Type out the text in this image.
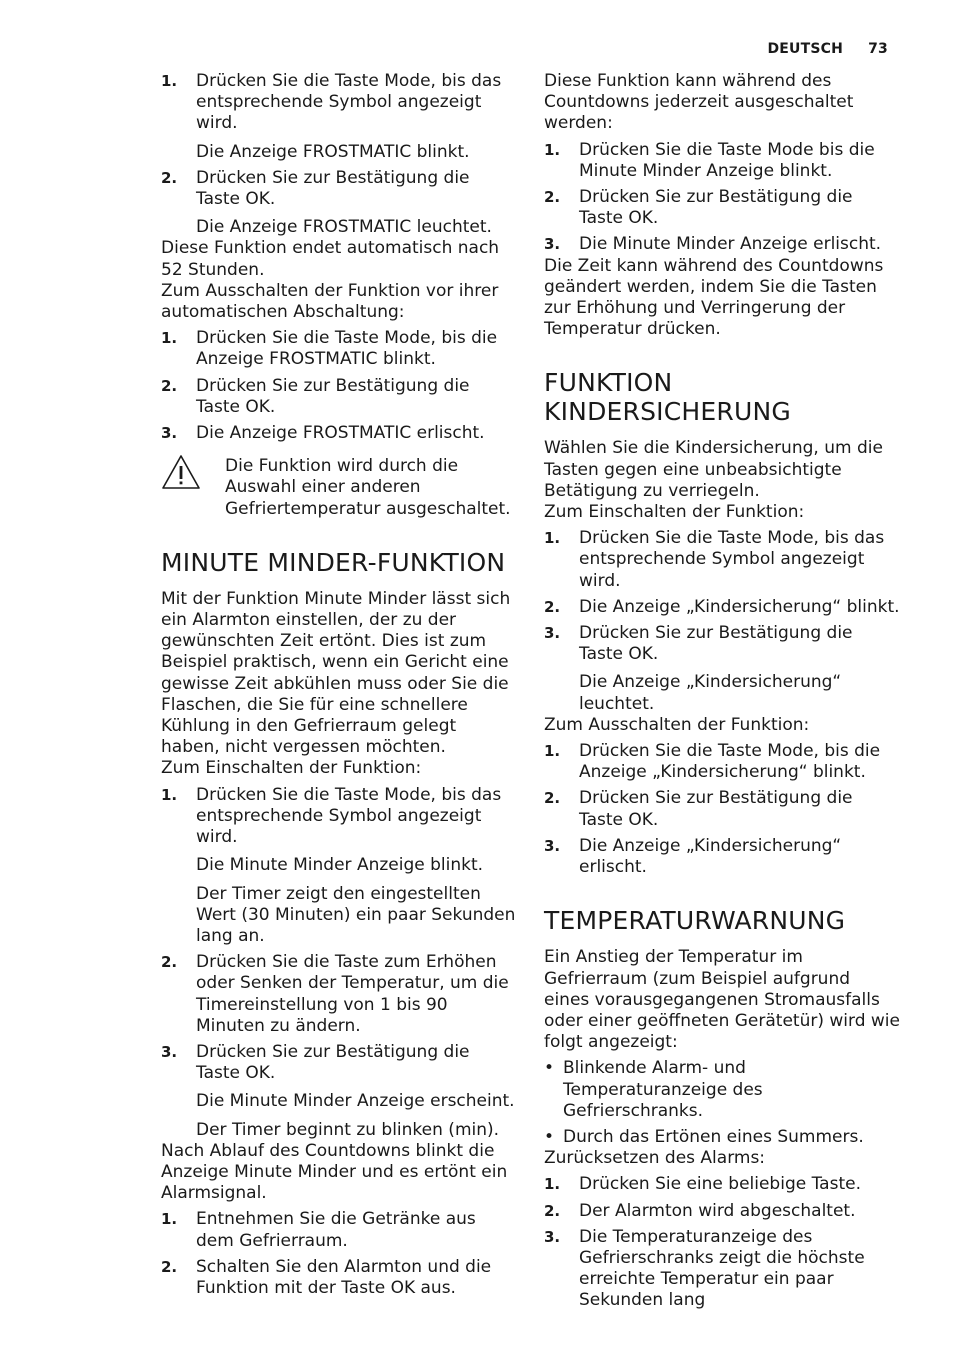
DEUTSCH 73
1. Drücken Sie die Taste Mode, bis das entsprechende Symbol angezeigt wird.
Die Anzeige FROSTMATIC blinkt.
2. Drücken Sie zur Bestätigung die Taste OK.
Die Anzeige FROSTMATIC leuchtet.

Diese Funktion endet automatisch nach 52 Stunden.

Zum Ausschalten der Funktion vor ihrer automatischen Abschaltung:

1. Drücken Sie die Taste Mode, bis die Anzeige FROSTMATIC blinkt.
2. Drücken Sie zur Bestätigung die Taste OK.
3. Die Anzeige FROSTMATIC erlischt.
Die Funktion wird durch die Auswahl einer anderen Gefriertemperatur ausgeschaltet.
MINUTE MINDER-FUNKTION

Mit der Funktion Minute Minder lässt sich ein Alarmton einstellen, der zu der gewünschten Zeit ertönt. Dies ist zum Beispiel praktisch, wenn ein Gericht eine gewisse Zeit abkühlen muss oder Sie die Flaschen, die Sie für eine schnellere Kühlung in den Gefrierraum gelegt haben, nicht vergessen möchten.

Zum Einschalten der Funktion:

1. Drücken Sie die Taste Mode, bis das entsprechende Symbol angezeigt wird.
Die Minute Minder Anzeige blinkt.
Der Timer zeigt den eingestellten Wert (30 Minuten) ein paar Sekunden lang an.
2. Drücken Sie die Taste zum Erhöhen oder Senken der Temperatur, um die Timereinstellung von 1 bis 90 Minuten zu ändern.
3. Drücken Sie zur Bestätigung die Taste OK.
Die Minute Minder Anzeige erscheint.
Der Timer beginnt zu blinken (min).

Nach Ablauf des Countdowns blinkt die Anzeige Minute Minder und es ertönt ein Alarmsignal.

1. Entnehmen Sie die Getränke aus dem Gefrierraum.
2. Schalten Sie den Alarmton und die Funktion mit der Taste OK aus.

Diese Funktion kann während des Countdowns jederzeit ausgeschaltet werden:

1. Drücken Sie die Taste Mode bis die Minute Minder Anzeige blinkt.
2. Drücken Sie zur Bestätigung die Taste OK.
3. Die Minute Minder Anzeige erlischt.

Die Zeit kann während des Countdowns geändert werden, indem Sie die Tasten zur Erhöhung und Verringerung der Temperatur drücken.

FUNKTION KINDERSICHERUNG

Wählen Sie die Kindersicherung, um die Tasten gegen eine unbeabsichtigte Betätigung zu verriegeln.

Zum Einschalten der Funktion:

1. Drücken Sie die Taste Mode, bis das entsprechende Symbol angezeigt wird.
2. Die Anzeige „Kindersicherung“ blinkt.
3. Drücken Sie zur Bestätigung die Taste OK.
Die Anzeige „Kindersicherung“ leuchtet.

Zum Ausschalten der Funktion:

1. Drücken Sie die Taste Mode, bis die Anzeige „Kindersicherung“ blinkt.
2. Drücken Sie zur Bestätigung die Taste OK.
3. Die Anzeige „Kindersicherung“ erlischt.
TEMPERATURWARNUNG

Ein Anstieg der Temperatur im Gefrierraum (zum Beispiel aufgrund eines vorausgegangenen Stromausfalls oder einer geöffneten Gerätetür) wird wie folgt angezeigt:

• Blinkende Alarm- und Temperaturanzeige des Gefrierschranks.
• Durch das Ertönen eines Summers.

Zurücksetzen des Alarms:

1. Drücken Sie eine beliebige Taste.
2. Der Alarmton wird abgeschaltet.
3. Die Temperaturanzeige des Gefrierschranks zeigt die höchste erreichte Temperatur ein paar Sekunden lang
